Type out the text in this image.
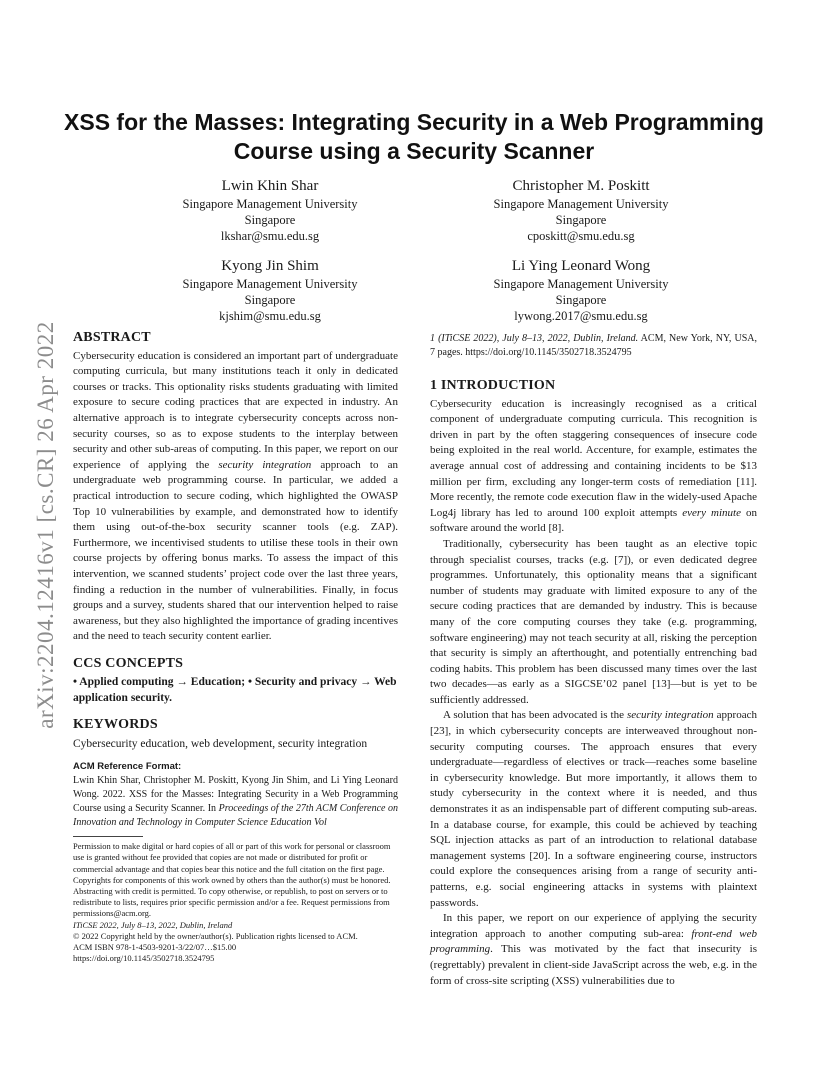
arXiv:2204.12416v1 [cs.CR] 26 Apr 2022
XSS for the Masses: Integrating Security in a Web Programming Course using a Security Scanner
Lwin Khin Shar
Singapore Management University
Singapore
lkshar@smu.edu.sg
Christopher M. Poskitt
Singapore Management University
Singapore
cposkitt@smu.edu.sg
Kyong Jin Shim
Singapore Management University
Singapore
kjshim@smu.edu.sg
Li Ying Leonard Wong
Singapore Management University
Singapore
lywong.2017@smu.edu.sg
ABSTRACT

Cybersecurity education is considered an important part of undergraduate computing curricula, but many institutions teach it only in dedicated courses or tracks. This optionality risks students graduating with limited exposure to secure coding practices that are expected in industry. An alternative approach is to integrate cybersecurity concepts across non-security courses, so as to expose students to the interplay between security and other sub-areas of computing. In this paper, we report on our experience of applying the security integration approach to an undergraduate web programming course. In particular, we added a practical introduction to secure coding, which highlighted the OWASP Top 10 vulnerabilities by example, and demonstrated how to identify them using out-of-the-box security scanner tools (e.g. ZAP). Furthermore, we incentivised students to utilise these tools in their own course projects by offering bonus marks. To assess the impact of this intervention, we scanned students’ project code over the last three years, finding a reduction in the number of vulnerabilities. Finally, in focus groups and a survey, students shared that our intervention helped to raise awareness, but they also highlighted the importance of grading incentives and the need to teach security content earlier.

CCS CONCEPTS

• Applied computing → Education; • Security and privacy → Web application security.

KEYWORDS

Cybersecurity education, web development, security integration

ACM Reference Format:

Lwin Khin Shar, Christopher M. Poskitt, Kyong Jin Shim, and Li Ying Leonard Wong. 2022. XSS for the Masses: Integrating Security in a Web Programming Course using a Security Scanner. In Proceedings of the 27th ACM Conference on Innovation and Technology in Computer Science Education Vol

Permission to make digital or hard copies of all or part of this work for personal or classroom use is granted without fee provided that copies are not made or distributed for profit or commercial advantage and that copies bear this notice and the full citation on the first page. Copyrights for components of this work owned by others than the author(s) must be honored. Abstracting with credit is permitted. To copy otherwise, or republish, to post on servers or to redistribute to lists, requires prior specific permission and/or a fee. Request permissions from permissions@acm.org.

ITiCSE 2022, July 8–13, 2022, Dublin, Ireland

© 2022 Copyright held by the owner/author(s). Publication rights licensed to ACM.

ACM ISBN 978-1-4503-9201-3/22/07…$15.00

https://doi.org/10.1145/3502718.3524795

1 (ITiCSE 2022), July 8–13, 2022, Dublin, Ireland. ACM, New York, NY, USA, 7 pages. https://doi.org/10.1145/3502718.3524795

1 INTRODUCTION

Cybersecurity education is increasingly recognised as a critical component of undergraduate computing curricula. This recognition is driven in part by the often staggering consequences of insecure code being exploited in the real world. Accenture, for example, estimates the average annual cost of addressing and containing incidents to be $13 million per firm, excluding any longer-term costs of remediation [11]. More recently, the remote code execution flaw in the widely-used Apache Log4j library has led to around 100 exploit attempts every minute on software around the world [8].

Traditionally, cybersecurity has been taught as an elective topic through specialist courses, tracks (e.g. [7]), or even dedicated degree programmes. Unfortunately, this optionality means that a significant number of students may graduate with limited exposure to any of the secure coding practices that are demanded by industry. This is because many of the core computing courses they take (e.g. programming, software engineering) may not teach security at all, risking the perception that security is simply an afterthought, and potentially entrenching bad coding habits. This problem has been discussed many times over the last two decades—as early as a SIGCSE’02 panel [13]—but is yet to be sufficiently addressed.

A solution that has been advocated is the security integration approach [23], in which cybersecurity concepts are interweaved throughout non-security computing courses. The approach ensures that every undergraduate—regardless of electives or track—reaches some baseline in cybersecurity knowledge. But more importantly, it allows them to study cybersecurity in the context where it is needed, and thus demonstrates it as an indispensable part of different computing sub-areas. In a database course, for example, this could be achieved by teaching SQL injection attacks as part of an introduction to relational database management systems [20]. In a software engineering course, instructors could explore the consequences arising from a range of security anti-patterns, e.g. social engineering attacks in systems with plaintext passwords.

In this paper, we report on our experience of applying the security integration approach to another computing sub-area: front-end web programming. This was motivated by the fact that insecurity is (regrettably) prevalent in client-side JavaScript across the web, e.g. in the form of cross-site scripting (XSS) vulnerabilities due to
